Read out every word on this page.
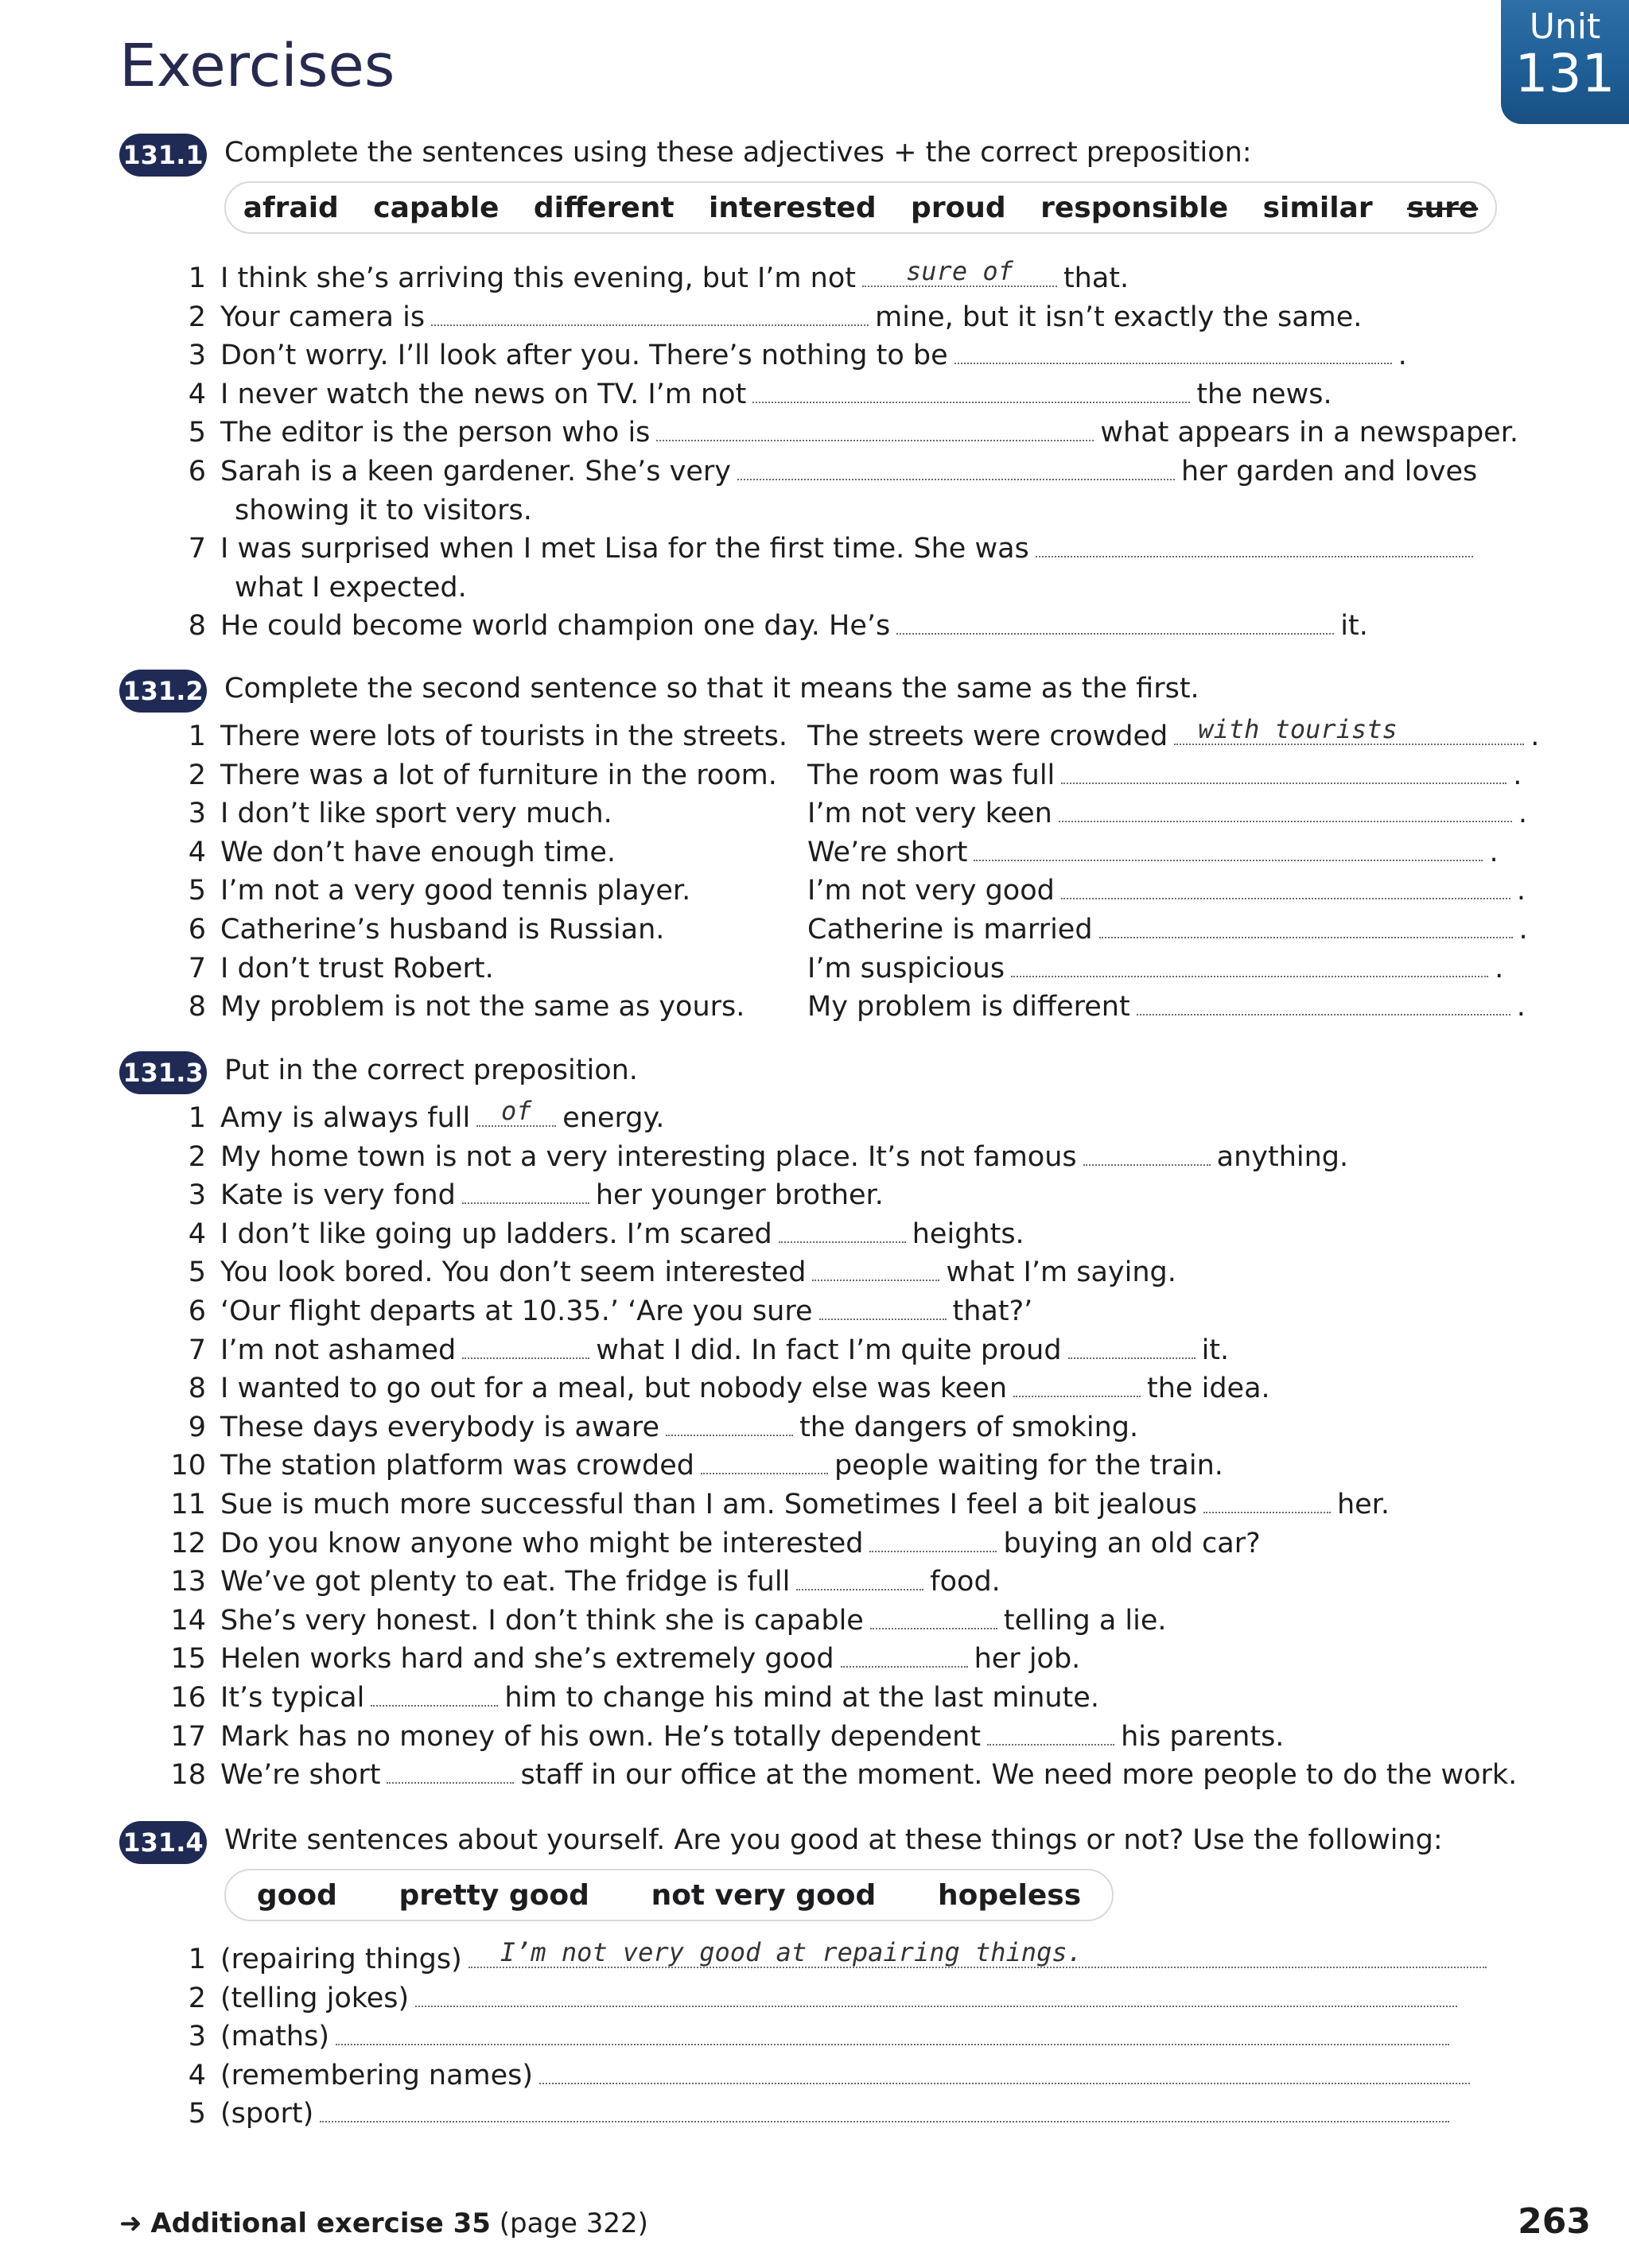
Exercises
Unit
131
131.1 Complete the sentences using these adjectives + the correct preposition:
afraid capable different interested proud responsible similar sure
1 I think she’s arriving this evening, but I’m not	sure of	that.
2 Your camera is	mine, but it isn’t exactly the same.
3 Don’t worry. I’ll look after you. There’s nothing to be	.
4 I never watch the news on TV. I’m not	the news.
5 The editor is the person who is	what appears in a newspaper.
6 Sarah is a keen gardener. She’s very	her garden and loves
showing it to visitors.
7 I was surprised when I met Lisa for the first time. She was
what I expected.
8 He could become world champion one day. He’s	it.
131.2 Complete the second sentence so that it means the same as the first.
1 There were lots of tourists in the streets. The streets were crowded	with tourists	.
2 There was a lot of furniture in the room. The room was full	.
3 I don’t like sport very much.	I’m not very keen	.
4 We don’t have enough time.	We’re short	.
5 I’m not a very good tennis player.	I’m not very good	.
6 Catherine’s husband is Russian.	Catherine is married	.
7 I don’t trust Robert.	I’m suspicious	.
8 My problem is not the same as yours. My problem is different	.
131.3 Put in the correct preposition.
1 Amy is always full	of	energy.
2 My home town is not a very interesting place. It’s not famous	anything.
3 Kate is very fond	her younger brother.
4 I don’t like going up ladders. I’m scared	heights.
5 You look bored. You don’t seem interested	what I’m saying.
6 ‘Our flight departs at 10.35.’ ‘Are you sure	that?’
7 I’m not ashamed	what I did. In fact I’m quite proud	it.
8 I wanted to go out for a meal, but nobody else was keen	the idea.
9 These days everybody is aware	the dangers of smoking.
10 The station platform was crowded	people waiting for the train.
11 Sue is much more successful than I am. Sometimes I feel a bit jealous	her.
12 Do you know anyone who might be interested	buying an old car?
13 We’ve got plenty to eat. The fridge is full	food.
14 She’s very honest. I don’t think she is capable	telling a lie.
15 Helen works hard and she’s extremely good	her job.
16 It’s typical	him to change his mind at the last minute.
17 Mark has no money of his own. He’s totally dependent	his parents.
18 We’re short	staff in our office at the moment. We need more people to do the work.
131.4 Write sentences about yourself. Are you good at these things or not? Use the following:
good pretty good not very good hopeless
1 (repairing things)	I’m not very good at repairing things.
2 (telling jokes)
3 (maths)
4 (remembering names)
5 (sport)
➜ Additional exercise 35 (page 322)	263
